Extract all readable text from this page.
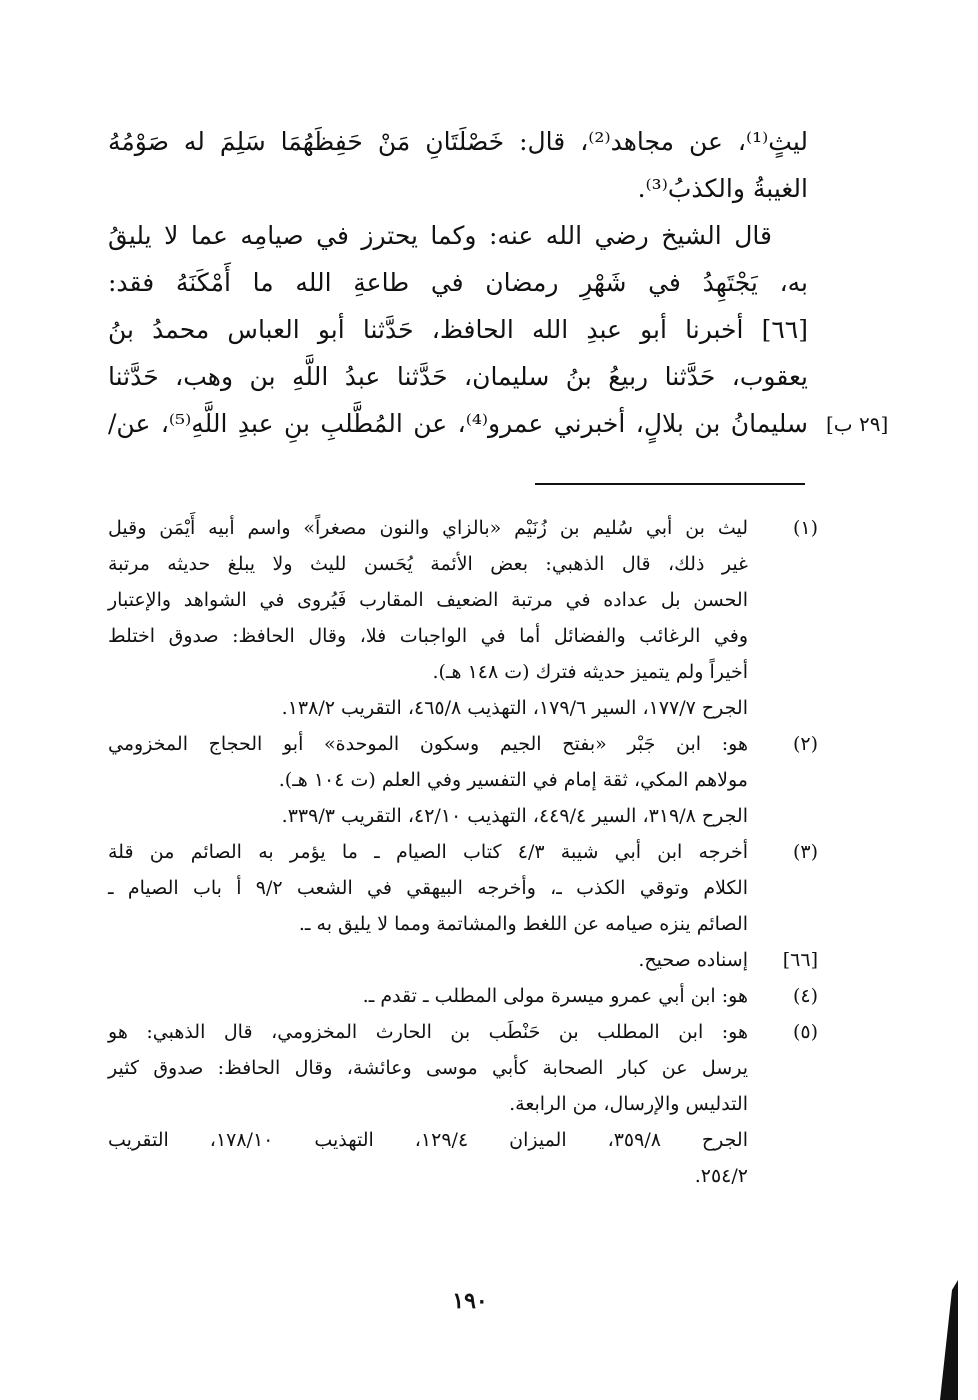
ليثٍ⁽¹⁾، عن مجاهد⁽²⁾، قال: خَصْلَتَانِ مَنْ حَفِظَهُمَا سَلِمَ له صَوْمُهُ
الغيبةُ والكذبُ⁽³⁾.
قال الشيخ رضي الله عنه: وكما يحترز في صيامِه عما لا يليقُ
به، يَجْتَهِدُ في شَهْرِ رمضان في طاعةِ الله ما أَمْكَنَهُ فقد:
[٦٦] أخبرنا أبو عبدِ الله الحافظ، حَدَّثنا أبو العباس محمدُ بنُ
يعقوب، حَدَّثنا ربيعُ بنُ سليمان، حَدَّثنا عبدُ اللَّهِ بن وهب، حَدَّثنا
سليمانُ بن بلالٍ، أخبرني عمرو⁽⁴⁾، عن المُطَّلبِ بنِ عبدِ اللَّهِ⁽⁵⁾، عن/ [٢٩ ب]
(١)
ليث بن أبي سُليم بن زُنَيْم «بالزاي والنون مصغراً» واسم أبيه أَيْمَن وقيل
غير ذلك، قال الذهبي: بعض الأئمة يُحَسن لليث ولا يبلغ حديثه مرتبة
الحسن بل عداده في مرتبة الضعيف المقارب فَيُروى في الشواهد والإعتبار
وفي الرغائب والفضائل أما في الواجبات فلا، وقال الحافظ: صدوق اختلط
أخيراً ولم يتميز حديثه فترك (ت ١٤٨ هـ).
الجرح ١٧٧/٧، السير ١٧٩/٦، التهذيب ٤٦٥/٨، التقريب ١٣٨/٢.
(٢)
هو: ابن جَبْر «بفتح الجيم وسكون الموحدة» أبو الحجاج المخزومي
مولاهم المكي، ثقة إمام في التفسير وفي العلم (ت ١٠٤ هـ).
الجرح ٣١٩/٨، السير ٤٤٩/٤، التهذيب ٤٢/١٠، التقريب ٣٣٩/٣.
(٣)
أخرجه ابن أبي شيبة ٤/٣ كتاب الصيام ـ ما يؤمر به الصائم من قلة
الكلام وتوقي الكذب ـ، وأخرجه البيهقي في الشعب ٩/٢ أ باب الصيام ـ
الصائم ينزه صيامه عن اللغط والمشاتمة ومما لا يليق به ـ.
[٦٦]
إسناده صحيح.
(٤)
هو: ابن أبي عمرو ميسرة مولى المطلب ـ تقدم ـ.
(٥)
هو: ابن المطلب بن حَنْطَب بن الحارث المخزومي، قال الذهبي: هو
يرسل عن كبار الصحابة كأبي موسى وعائشة، وقال الحافظ: صدوق كثير
التدليس والإرسال، من الرابعة.
الجرح ٣٥٩/٨، الميزان ١٢٩/٤، التهذيب ١٧٨/١٠، التقريب
٢٥٤/٢.
١٩٠
